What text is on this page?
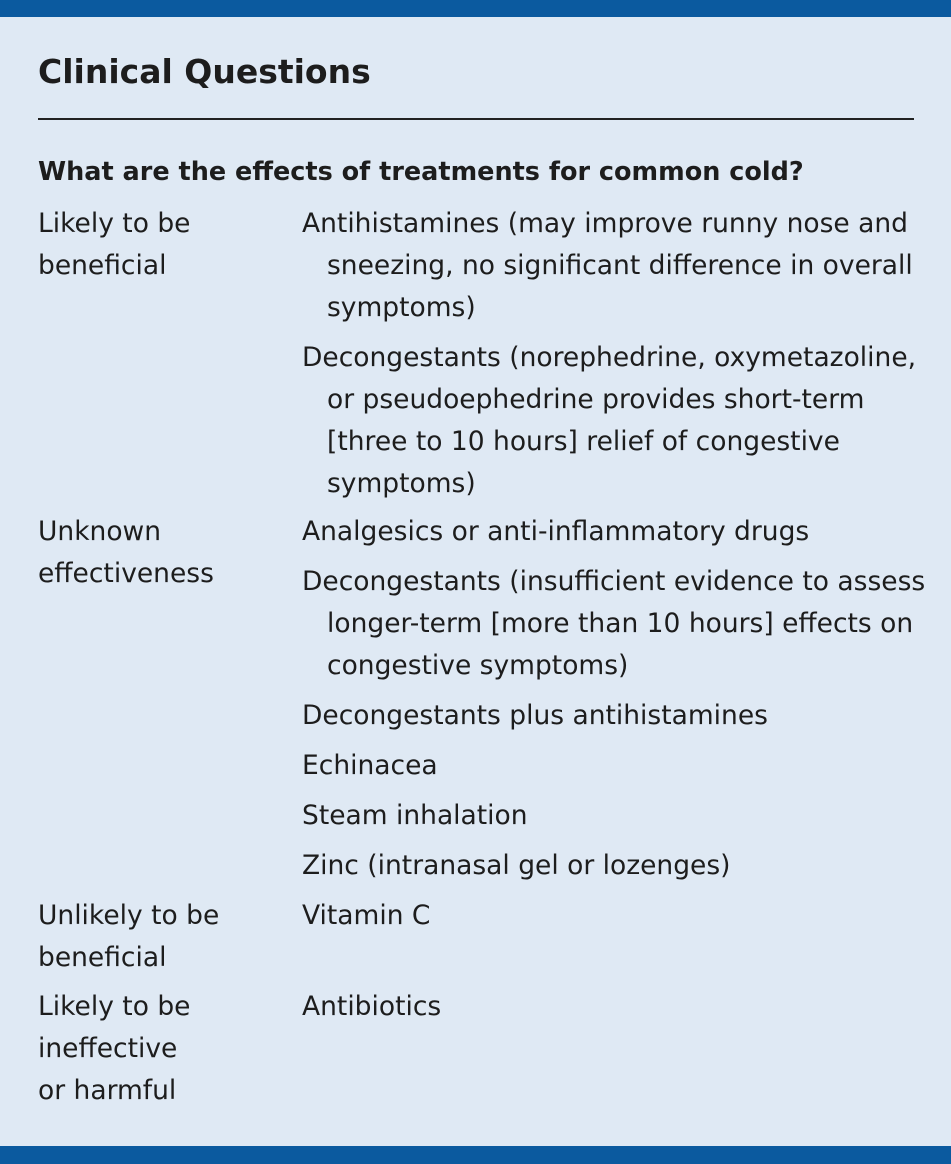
Clinical Questions
What are the effects of treatments for common cold?
Likely to be
beneficial
Antihistamines (may improve runny nose and sneezing, no significant difference in overall symptoms)
Decongestants (norephedrine, oxymetazoline, or pseudoephedrine provides short-term [three to 10 hours] relief of congestive symptoms)
Unknown
effectiveness
Analgesics or anti-inflammatory drugs
Decongestants (insufficient evidence to assess longer-term [more than 10 hours] effects on congestive symptoms)
Decongestants plus antihistamines
Echinacea
Steam inhalation
Zinc (intranasal gel or lozenges)
Unlikely to be
beneficial
Vitamin C
Likely to be
ineffective
or harmful
Antibiotics
